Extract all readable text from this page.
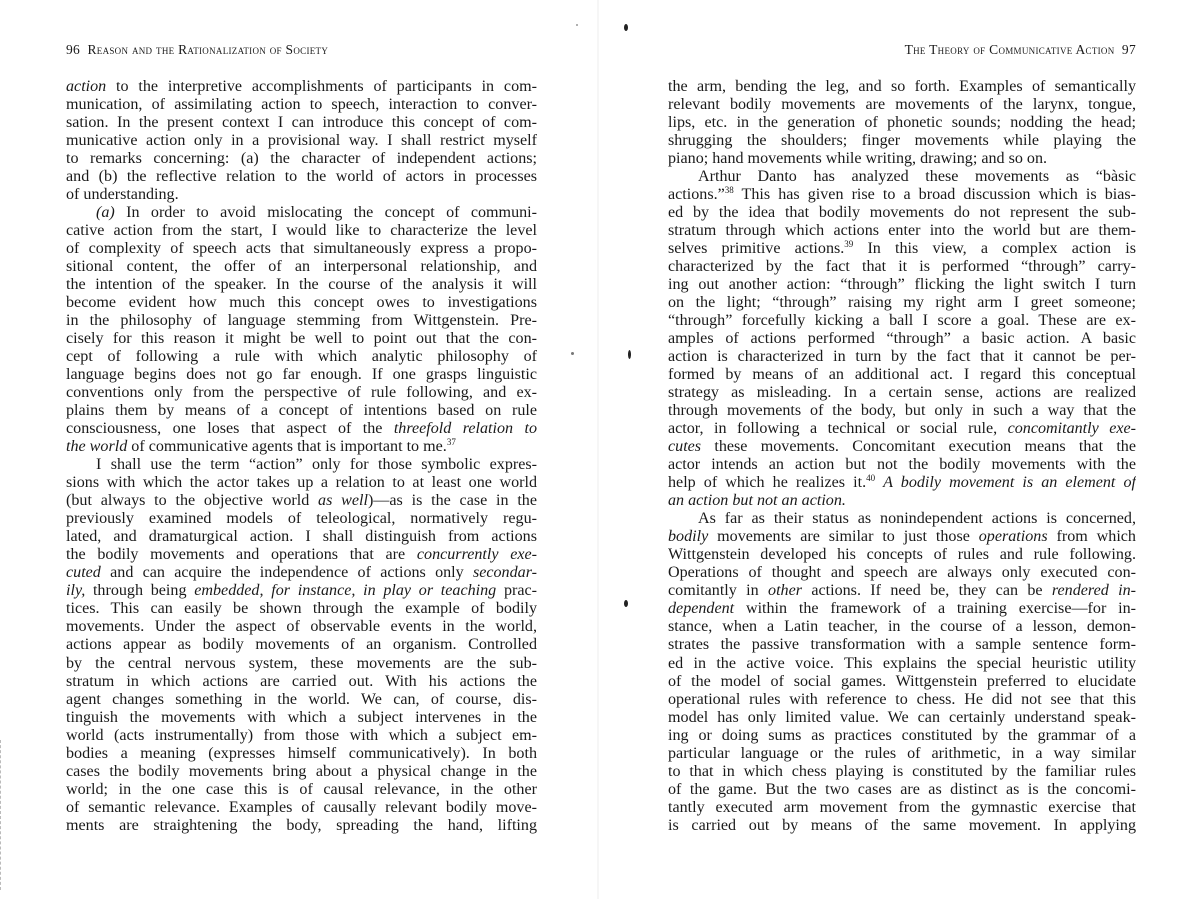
96 Reason and the Rationalization of Society
action to the interpretive accomplishments of participants in com-
munication, of assimilating action to speech, interaction to conver-
sation. In the present context I can introduce this concept of com-
municative action only in a provisional way. I shall restrict myself
to remarks concerning: (a) the character of independent actions;
and (b) the reflective relation to the world of actors in processes
of understanding.
(a) In order to avoid mislocating the concept of communi-
cative action from the start, I would like to characterize the level
of complexity of speech acts that simultaneously express a propo-
sitional content, the offer of an interpersonal relationship, and
the intention of the speaker. In the course of the analysis it will
become evident how much this concept owes to investigations
in the philosophy of language stemming from Wittgenstein. Pre-
cisely for this reason it might be well to point out that the con-
cept of following a rule with which analytic philosophy of
language begins does not go far enough. If one grasps linguistic
conventions only from the perspective of rule following, and ex-
plains them by means of a concept of intentions based on rule
consciousness, one loses that aspect of the threefold relation to
the world of communicative agents that is important to me.$^{37}$
I shall use the term “action” only for those symbolic expres-
sions with which the actor takes up a relation to at least one world
(but always to the objective world as well)—as is the case in the
previously examined models of teleological, normatively regu-
lated, and dramaturgical action. I shall distinguish from actions
the bodily movements and operations that are concurrently exe-
cuted and can acquire the independence of actions only secondar-
ily, through being embedded, for instance, in play or teaching prac-
tices. This can easily be shown through the example of bodily
movements. Under the aspect of observable events in the world,
actions appear as bodily movements of an organism. Controlled
by the central nervous system, these movements are the sub-
stratum in which actions are carried out. With his actions the
agent changes something in the world. We can, of course, dis-
tinguish the movements with which a subject intervenes in the
world (acts instrumentally) from those with which a subject em-
bodies a meaning (expresses himself communicatively). In both
cases the bodily movements bring about a physical change in the
world; in the one case this is of causal relevance, in the other
of semantic relevance. Examples of causally relevant bodily move-
ments are straightening the body, spreading the hand, lifting
The Theory of Communicative Action 97
the arm, bending the leg, and so forth. Examples of semantically
relevant bodily movements are movements of the larynx, tongue,
lips, etc. in the generation of phonetic sounds; nodding the head;
shrugging the shoulders; finger movements while playing the
piano; hand movements while writing, drawing; and so on.
Arthur Danto has analyzed these movements as “bàsic
actions.”$^{38}$ This has given rise to a broad discussion which is bias-
ed by the idea that bodily movements do not represent the sub-
stratum through which actions enter into the world but are them-
selves primitive actions.$^{39}$ In this view, a complex action is
characterized by the fact that it is performed “through” carry-
ing out another action: “through” flicking the light switch I turn
on the light; “through” raising my right arm I greet someone;
“through” forcefully kicking a ball I score a goal. These are ex-
amples of actions performed “through” a basic action. A basic
action is characterized in turn by the fact that it cannot be per-
formed by means of an additional act. I regard this conceptual
strategy as misleading. In a certain sense, actions are realized
through movements of the body, but only in such a way that the
actor, in following a technical or social rule, concomitantly exe-
cutes these movements. Concomitant execution means that the
actor intends an action but not the bodily movements with the
help of which he realizes it.$^{40}$ A bodily movement is an element of
an action but not an action.
As far as their status as nonindependent actions is concerned,
bodily movements are similar to just those operations from which
Wittgenstein developed his concepts of rules and rule following.
Operations of thought and speech are always only executed con-
comitantly in other actions. If need be, they can be rendered in-
dependent within the framework of a training exercise—for in-
stance, when a Latin teacher, in the course of a lesson, demon-
strates the passive transformation with a sample sentence form-
ed in the active voice. This explains the special heuristic utility
of the model of social games. Wittgenstein preferred to elucidate
operational rules with reference to chess. He did not see that this
model has only limited value. We can certainly understand speak-
ing or doing sums as practices constituted by the grammar of a
particular language or the rules of arithmetic, in a way similar
to that in which chess playing is constituted by the familiar rules
of the game. But the two cases are as distinct as is the concomi-
tantly executed arm movement from the gymnastic exercise that
is carried out by means of the same movement. In applying
